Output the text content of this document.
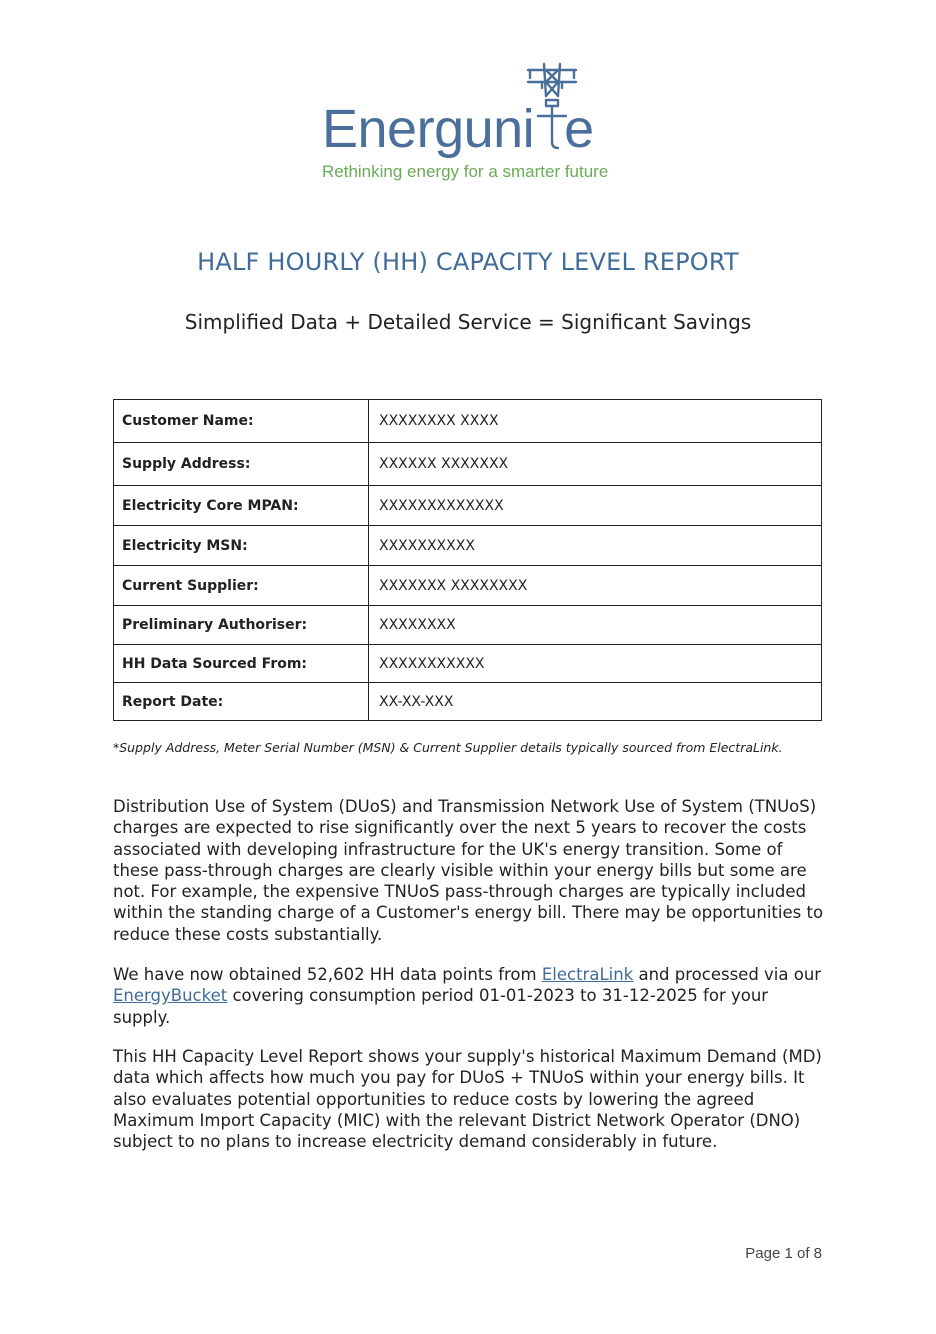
Energuni e
Rethinking energy for a smarter future
HALF HOURLY (HH) CAPACITY LEVEL REPORT
Simplified Data + Detailed Service = Significant Savings
Customer Name:	XXXXXXXX XXXX
Supply Address:	XXXXXX XXXXXXX
Electricity Core MPAN:	XXXXXXXXXXXXX
Electricity MSN:	XXXXXXXXXX
Current Supplier:	XXXXXXX XXXXXXXX
Preliminary Authoriser:	XXXXXXXX
HH Data Sourced From:	XXXXXXXXXXX
Report Date:	XX-XX-XXX
*Supply Address, Meter Serial Number (MSN) & Current Supplier details typically sourced from ElectraLink.
Distribution Use of System (DUoS) and Transmission Network Use of System (TNUoS) charges are expected to rise significantly over the next 5 years to recover the costs associated with developing infrastructure for the UK's energy transition. Some of these pass-through charges are clearly visible within your energy bills but some are not. For example, the expensive TNUoS pass-through charges are typically included within the standing charge of a Customer's energy bill. There may be opportunities to reduce these costs substantially.
We have now obtained 52,602 HH data points from ElectraLink and processed via our EnergyBucket covering consumption period 01-01-2023 to 31-12-2025 for your supply.
This HH Capacity Level Report shows your supply's historical Maximum Demand (MD) data which affects how much you pay for DUoS + TNUoS within your energy bills. It also evaluates potential opportunities to reduce costs by lowering the agreed Maximum Import Capacity (MIC) with the relevant District Network Operator (DNO) subject to no plans to increase electricity demand considerably in future.
Page 1 of 8
